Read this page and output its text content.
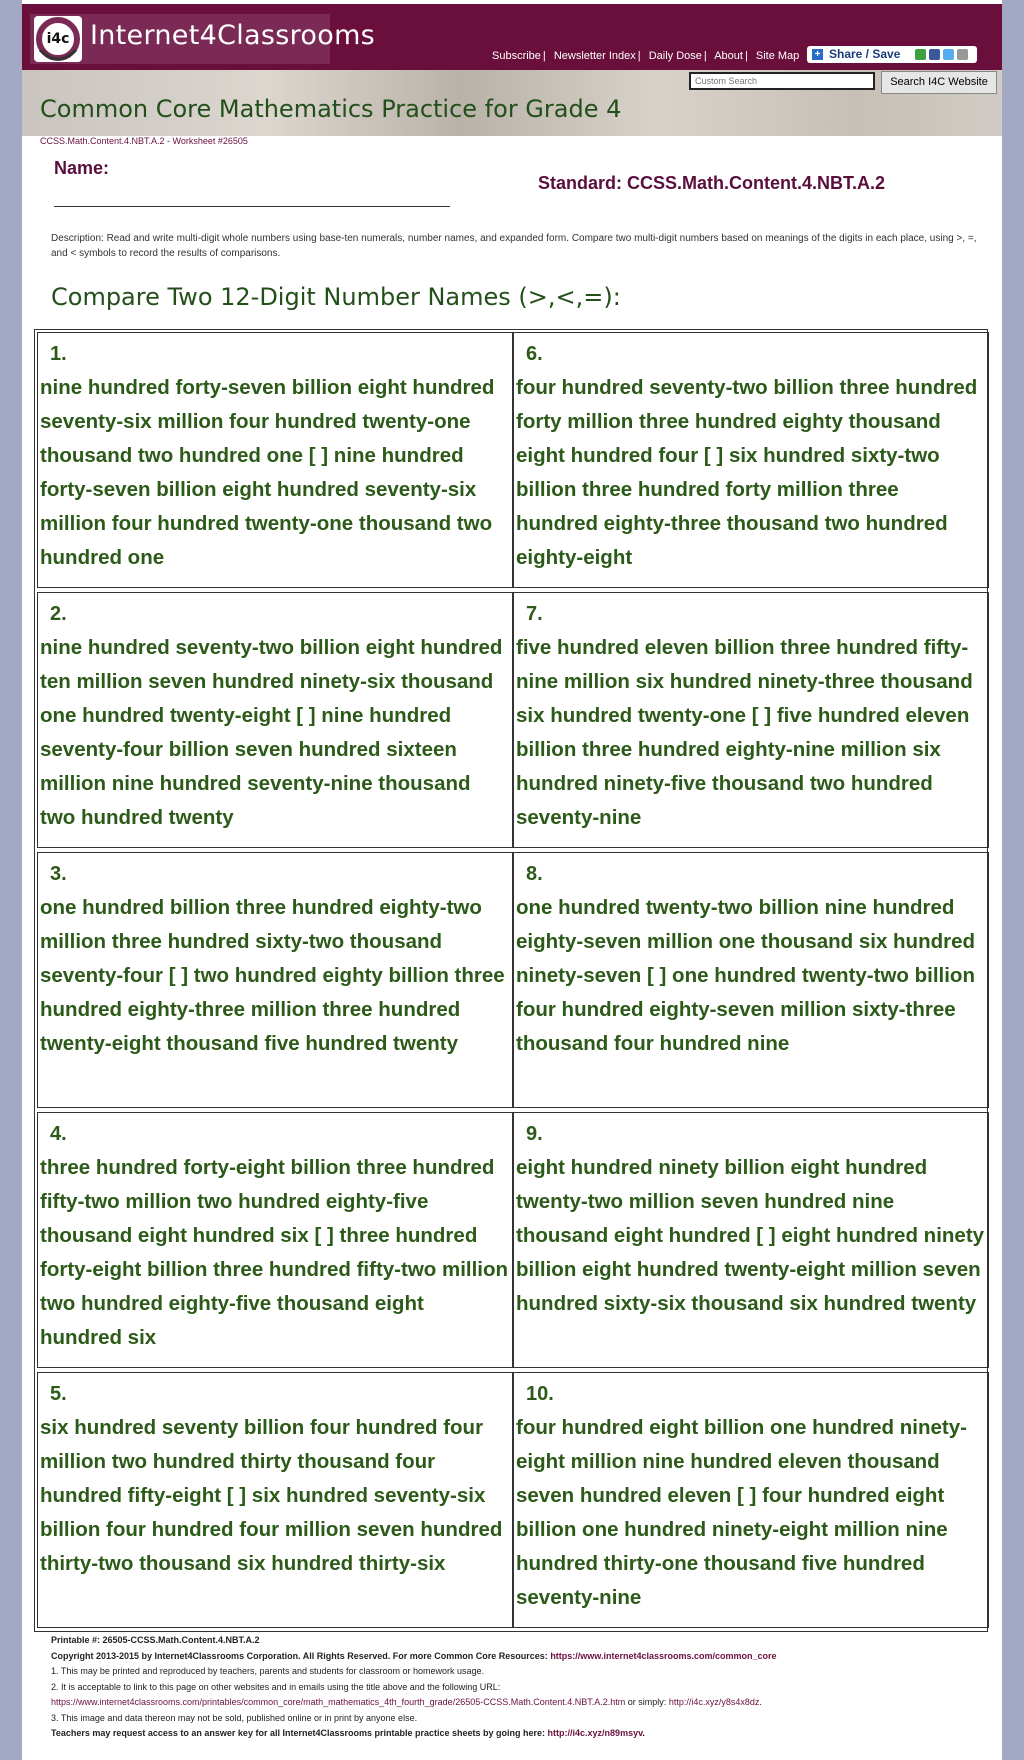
i4c Internet4Classrooms
Subscribe | Newsletter Index | Daily Dose | About | Site Map + Share / Save
Common Core Mathematics Practice for Grade 4
Custom Search
Search I4C Website
CCSS.Math.Content.4.NBT.A.2 - Worksheet #26505
Name:
Standard: CCSS.Math.Content.4.NBT.A.2
Description: Read and write multi-digit whole numbers using base-ten numerals, number names, and expanded form. Compare two multi-digit numbers based on meanings of the digits in each place, using >, =, and < symbols to record the results of comparisons.
Compare Two 12-Digit Number Names (>,<,=):
1.
nine hundred forty-seven billion eight hundred seventy-six million four hundred twenty-one thousand two hundred one [ ] nine hundred forty-seven billion eight hundred seventy-six million four hundred twenty-one thousand two hundred one
6.
four hundred seventy-two billion three hundred forty million three hundred eighty thousand eight hundred four [ ] six hundred sixty-two billion three hundred forty million three hundred eighty-three thousand two hundred eighty-eight
2.
nine hundred seventy-two billion eight hundred ten million seven hundred ninety-six thousand one hundred twenty-eight [ ] nine hundred seventy-four billion seven hundred sixteen million nine hundred seventy-nine thousand two hundred twenty
7.
five hundred eleven billion three hundred fifty-nine million six hundred ninety-three thousand six hundred twenty-one [ ] five hundred eleven billion three hundred eighty-nine million six hundred ninety-five thousand two hundred seventy-nine
3.
one hundred billion three hundred eighty-two million three hundred sixty-two thousand seventy-four [ ] two hundred eighty billion three hundred eighty-three million three hundred twenty-eight thousand five hundred twenty
8.
one hundred twenty-two billion nine hundred eighty-seven million one thousand six hundred ninety-seven [ ] one hundred twenty-two billion four hundred eighty-seven million sixty-three thousand four hundred nine
4.
three hundred forty-eight billion three hundred fifty-two million two hundred eighty-five thousand eight hundred six [ ] three hundred forty-eight billion three hundred fifty-two million two hundred eighty-five thousand eight hundred six
9.
eight hundred ninety billion eight hundred twenty-two million seven hundred nine thousand eight hundred [ ] eight hundred ninety billion eight hundred twenty-eight million seven hundred sixty-six thousand six hundred twenty
5.
six hundred seventy billion four hundred four million two hundred thirty thousand four hundred fifty-eight [ ] six hundred seventy-six billion four hundred four million seven hundred thirty-two thousand six hundred thirty-six
10.
four hundred eight billion one hundred ninety-eight million nine hundred eleven thousand seven hundred eleven [ ] four hundred eight billion one hundred ninety-eight million nine hundred thirty-one thousand five hundred seventy-nine
Printable #: 26505-CCSS.Math.Content.4.NBT.A.2
Copyright 2013-2015 by Internet4Classrooms Corporation. All Rights Reserved. For more Common Core Resources: https://www.internet4classrooms.com/common_core
1. This may be printed and reproduced by teachers, parents and students for classroom or homework usage.
2. It is acceptable to link to this page on other websites and in emails using the title above and the following URL:
https://www.internet4classrooms.com/printables/common_core/math_mathematics_4th_fourth_grade/26505-CCSS.Math.Content.4.NBT.A.2.htm or simply: http://i4c.xyz/y8s4x8dz.
3. This image and data thereon may not be sold, published online or in print by anyone else.
Teachers may request access to an answer key for all Internet4Classrooms printable practice sheets by going here: http://i4c.xyz/n89msyv.
